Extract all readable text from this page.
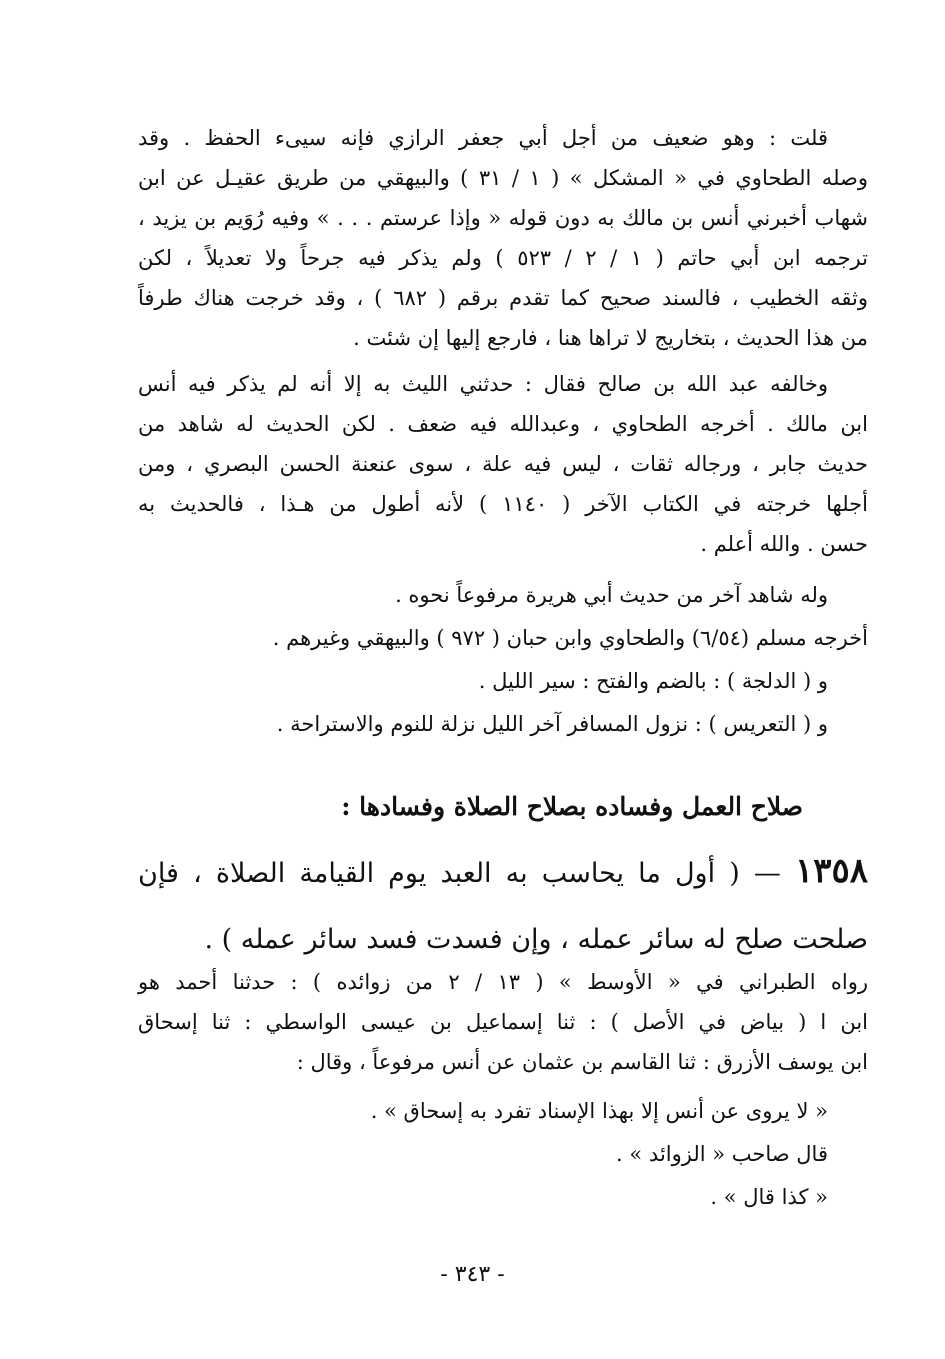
قلت : وهو ضعيف من أجل أبي جعفر الرازي فإنه سيىء الحفظ . وقد
وصله الطحاوي في « المشكل » ( ١ / ٣١ ) والبيهقي من طريق عقيـل عن ابن
شهاب أخبرني أنس بن مالك به دون قوله « وإذا عرستم . . . » وفيه رُوَيم بن يزيد ،
ترجمه ابن أبي حاتم ( ١ / ٢ / ٥٢٣ ) ولم يذكر فيه جرحاً ولا تعديلاً ، لكن
وثقه الخطيب ، فالسند صحيح كما تقدم برقم ( ٦٨٢ ) ، وقد خرجت هناك طرفاً
من هذا الحديث ، بتخاريج لا تراها هنا ، فارجع إليها إن شئت .
وخالفه عبد الله بن صالح فقال : حدثني الليث به إلا أنه لم يذكر فيه أنس
ابن مالك . أخرجه الطحاوي ، وعبدالله فيه ضعف . لكن الحديث له شاهد من
حديث جابر ، ورجاله ثقات ، ليس فيه علة ، سوى عنعنة الحسن البصري ، ومن
أجلها خرجته في الكتاب الآخر ( ١١٤٠ ) لأنه أطول من هـذا ، فالحديث به
حسن . والله أعلم .
وله شاهد آخر من حديث أبي هريرة مرفوعاً نحوه .
أخرجه مسلم (٦/٥٤) والطحاوي وابن حبان ( ٩٧٢ ) والبيهقي وغيرهم .
و ( الدلجة ) : بالضم والفتح : سير الليل .
و ( التعريس ) : نزول المسافر آخر الليل نزلة للنوم والاستراحة .
صلاح العمل وفساده بصلاح الصلاة وفسادها :
١٣٥٨ — ( أول ما يحاسب به العبد يوم القيامة الصلاة ، فإن
صلحت صلح له سائر عمله ، وإن فسدت فسد سائر عمله ) .
رواه الطبراني في « الأوسط » ( ١٣ / ٢ من زوائده ) : حدثنا أحمد هو
ابن ا ( بياض في الأصل ) : ثنا إسماعيل بن عيسى الواسطي : ثنا إسحاق
ابن يوسف الأزرق : ثنا القاسم بن عثمان عن أنس مرفوعاً ، وقال :
« لا يروى عن أنس إلا بهذا الإسناد تفرد به إسحاق » .
قال صاحب « الزوائد » .
« كذا قال » .
- ٣٤٣ -
